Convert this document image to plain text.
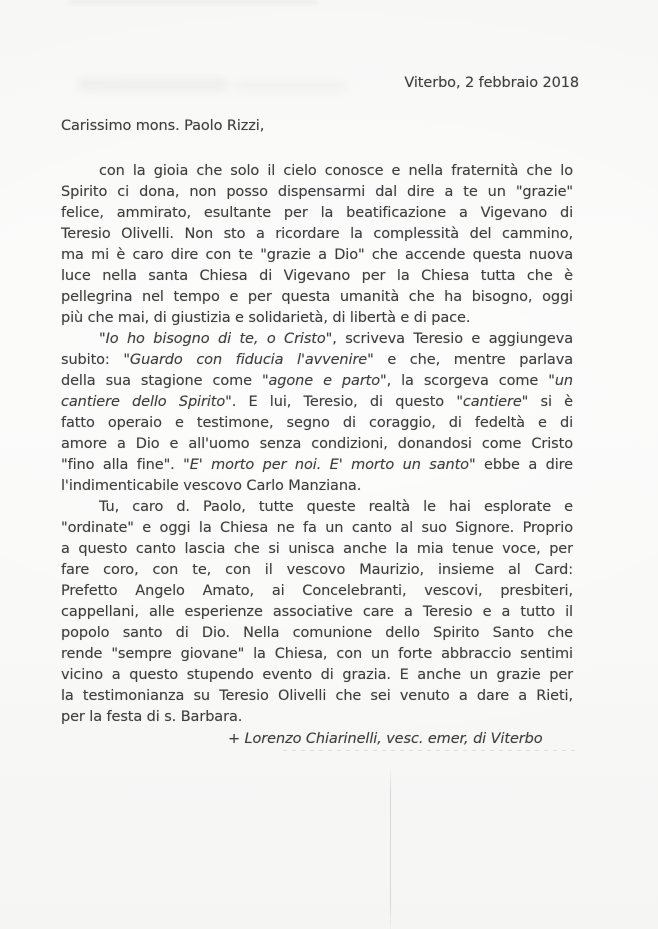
Viterbo, 2 febbraio 2018
Carissimo mons. Paolo Rizzi,
con la gioia che solo il cielo conosce e nella fraternità che lo
Spirito ci dona, non posso dispensarmi dal dire a te un "grazie"
felice, ammirato, esultante per la beatificazione a Vigevano di
Teresio Olivelli. Non sto a ricordare la complessità del cammino,
ma mi è caro dire con te "grazie a Dio" che accende questa nuova
luce nella santa Chiesa di Vigevano per la Chiesa tutta che è
pellegrina nel tempo e per questa umanità che ha bisogno, oggi
più che mai, di giustizia e solidarietà, di libertà e di pace.
"Io ho bisogno di te, o Cristo", scriveva Teresio e aggiungeva
subito: "Guardo con fiducia l'avvenire" e che, mentre parlava
della sua stagione come "agone e parto", la scorgeva come "un
cantiere dello Spirito". E lui, Teresio, di questo "cantiere" si è
fatto operaio e testimone, segno di coraggio, di fedeltà e di
amore a Dio e all'uomo senza condizioni, donandosi come Cristo
"fino alla fine". "E' morto per noi. E' morto un santo" ebbe a dire
l'indimenticabile vescovo Carlo Manziana.
Tu, caro d. Paolo, tutte queste realtà le hai esplorate e
"ordinate" e oggi la Chiesa ne fa un canto al suo Signore. Proprio
a questo canto lascia che si unisca anche la mia tenue voce, per
fare coro, con te, con il vescovo Maurizio, insieme al Card:
Prefetto Angelo Amato, ai Concelebranti, vescovi, presbiteri,
cappellani, alle esperienze associative care a Teresio e a tutto il
popolo santo di Dio. Nella comunione dello Spirito Santo che
rende "sempre giovane" la Chiesa, con un forte abbraccio sentimi
vicino a questo stupendo evento di grazia. E anche un grazie per
la testimonianza su Teresio Olivelli che sei venuto a dare a Rieti,
per la festa di s. Barbara.
+ Lorenzo Chiarinelli, vesc. emer, di Viterbo
